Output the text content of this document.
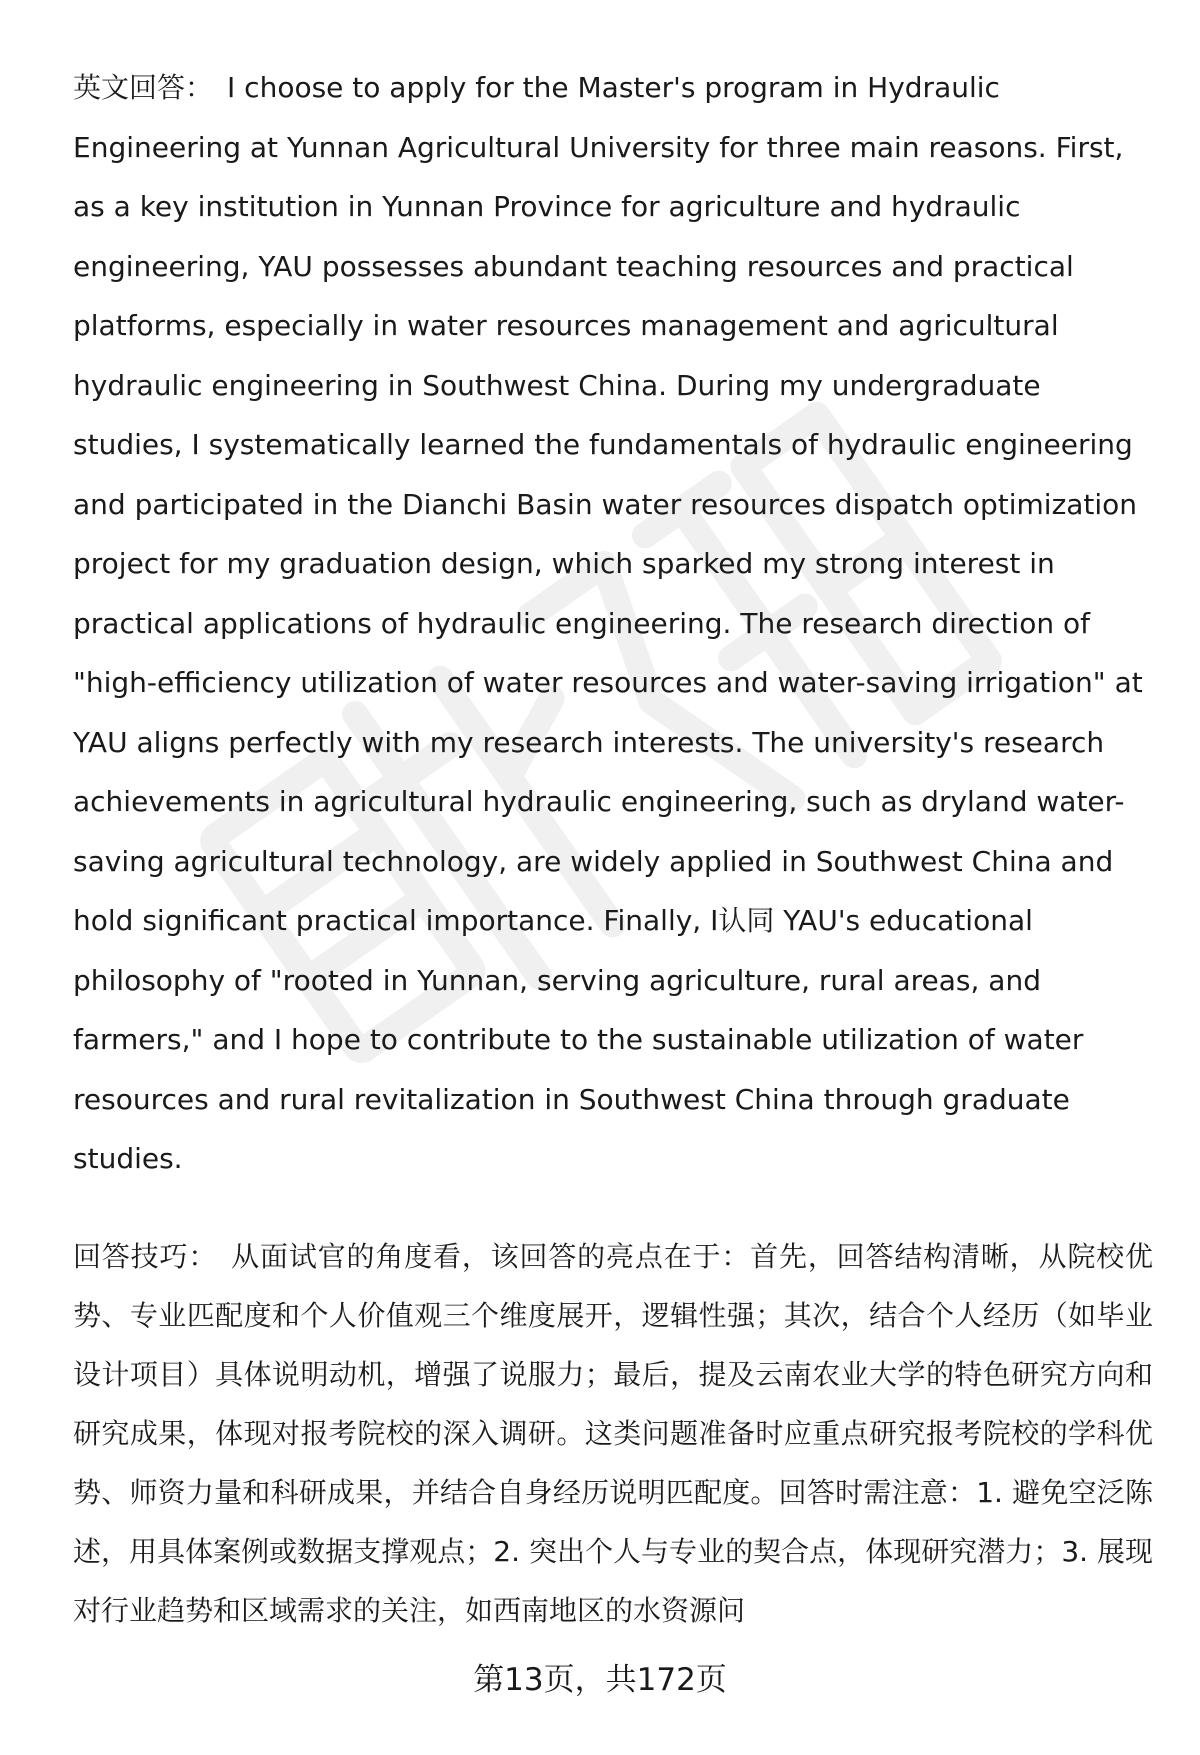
英文回答： I choose to apply for the Master's program in Hydraulic Engineering at Yunnan Agricultural University for three main reasons. First, as a key institution in Yunnan Province for agriculture and hydraulic engineering, YAU possesses abundant teaching resources and practical platforms, especially in water resources management and agricultural hydraulic engineering in Southwest China. During my undergraduate studies, I systematically learned the fundamentals of hydraulic engineering and participated in the Dianchi Basin water resources dispatch optimization project for my graduation design, which sparked my strong interest in practical applications of hydraulic engineering. The research direction of "high-efficiency utilization of water resources and water-saving irrigation" at YAU aligns perfectly with my research interests. The university's research achievements in agricultural hydraulic engineering, such as dryland water-saving agricultural technology, are widely applied in Southwest China and hold significant practical importance. Finally, I认同 YAU's educational philosophy of "rooted in Yunnan, serving agriculture, rural areas, and farmers," and I hope to contribute to the sustainable utilization of water resources and rural revitalization in Southwest China through graduate studies.

回答技巧： 从面试官的角度看，该回答的亮点在于：首先，回答结构清晰，从院校优势、专业匹配度和个人价值观三个维度展开，逻辑性强；其次，结合个人经历（如毕业设计项目）具体说明动机，增强了说服力；最后，提及云南农业大学的特色研究方向和研究成果，体现对报考院校的深入调研。这类问题准备时应重点研究报考院校的学科优势、师资力量和科研成果，并结合自身经历说明匹配度。回答时需注意：1. 避免空泛陈述，用具体案例或数据支撑观点；2. 突出个人与专业的契合点，体现研究潜力；3. 展现对行业趋势和区域需求的关注，如西南地区的水资源问

第13页，共172页
